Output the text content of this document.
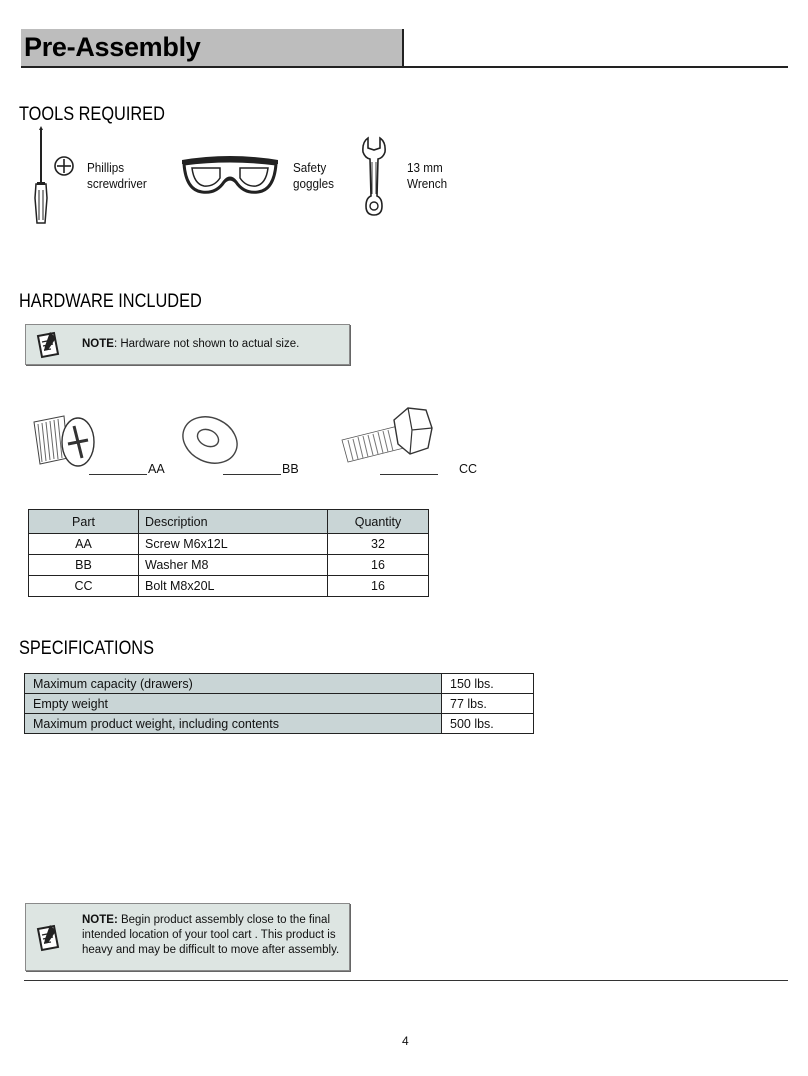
Pre-Assembly
TOOLS REQUIRED
Phillips
screwdriver
Safety
goggles
13 mm
Wrench
HARDWARE INCLUDED
NOTE: Hardware not shown to actual size.
AA	BB	CC
Part	Description	Quantity
AA	Screw M6x12L	32
BB	Washer M8	16
CC	Bolt M8x20L	16
SPECIFICATIONS
Maximum capacity (drawers)	150 lbs.
Empty weight	77 lbs.
Maximum product weight, including contents	500 lbs.
NOTE: Begin product assembly close to the final
intended location of your tool cart . This product is
heavy and may be difficult to move after assembly.
4
